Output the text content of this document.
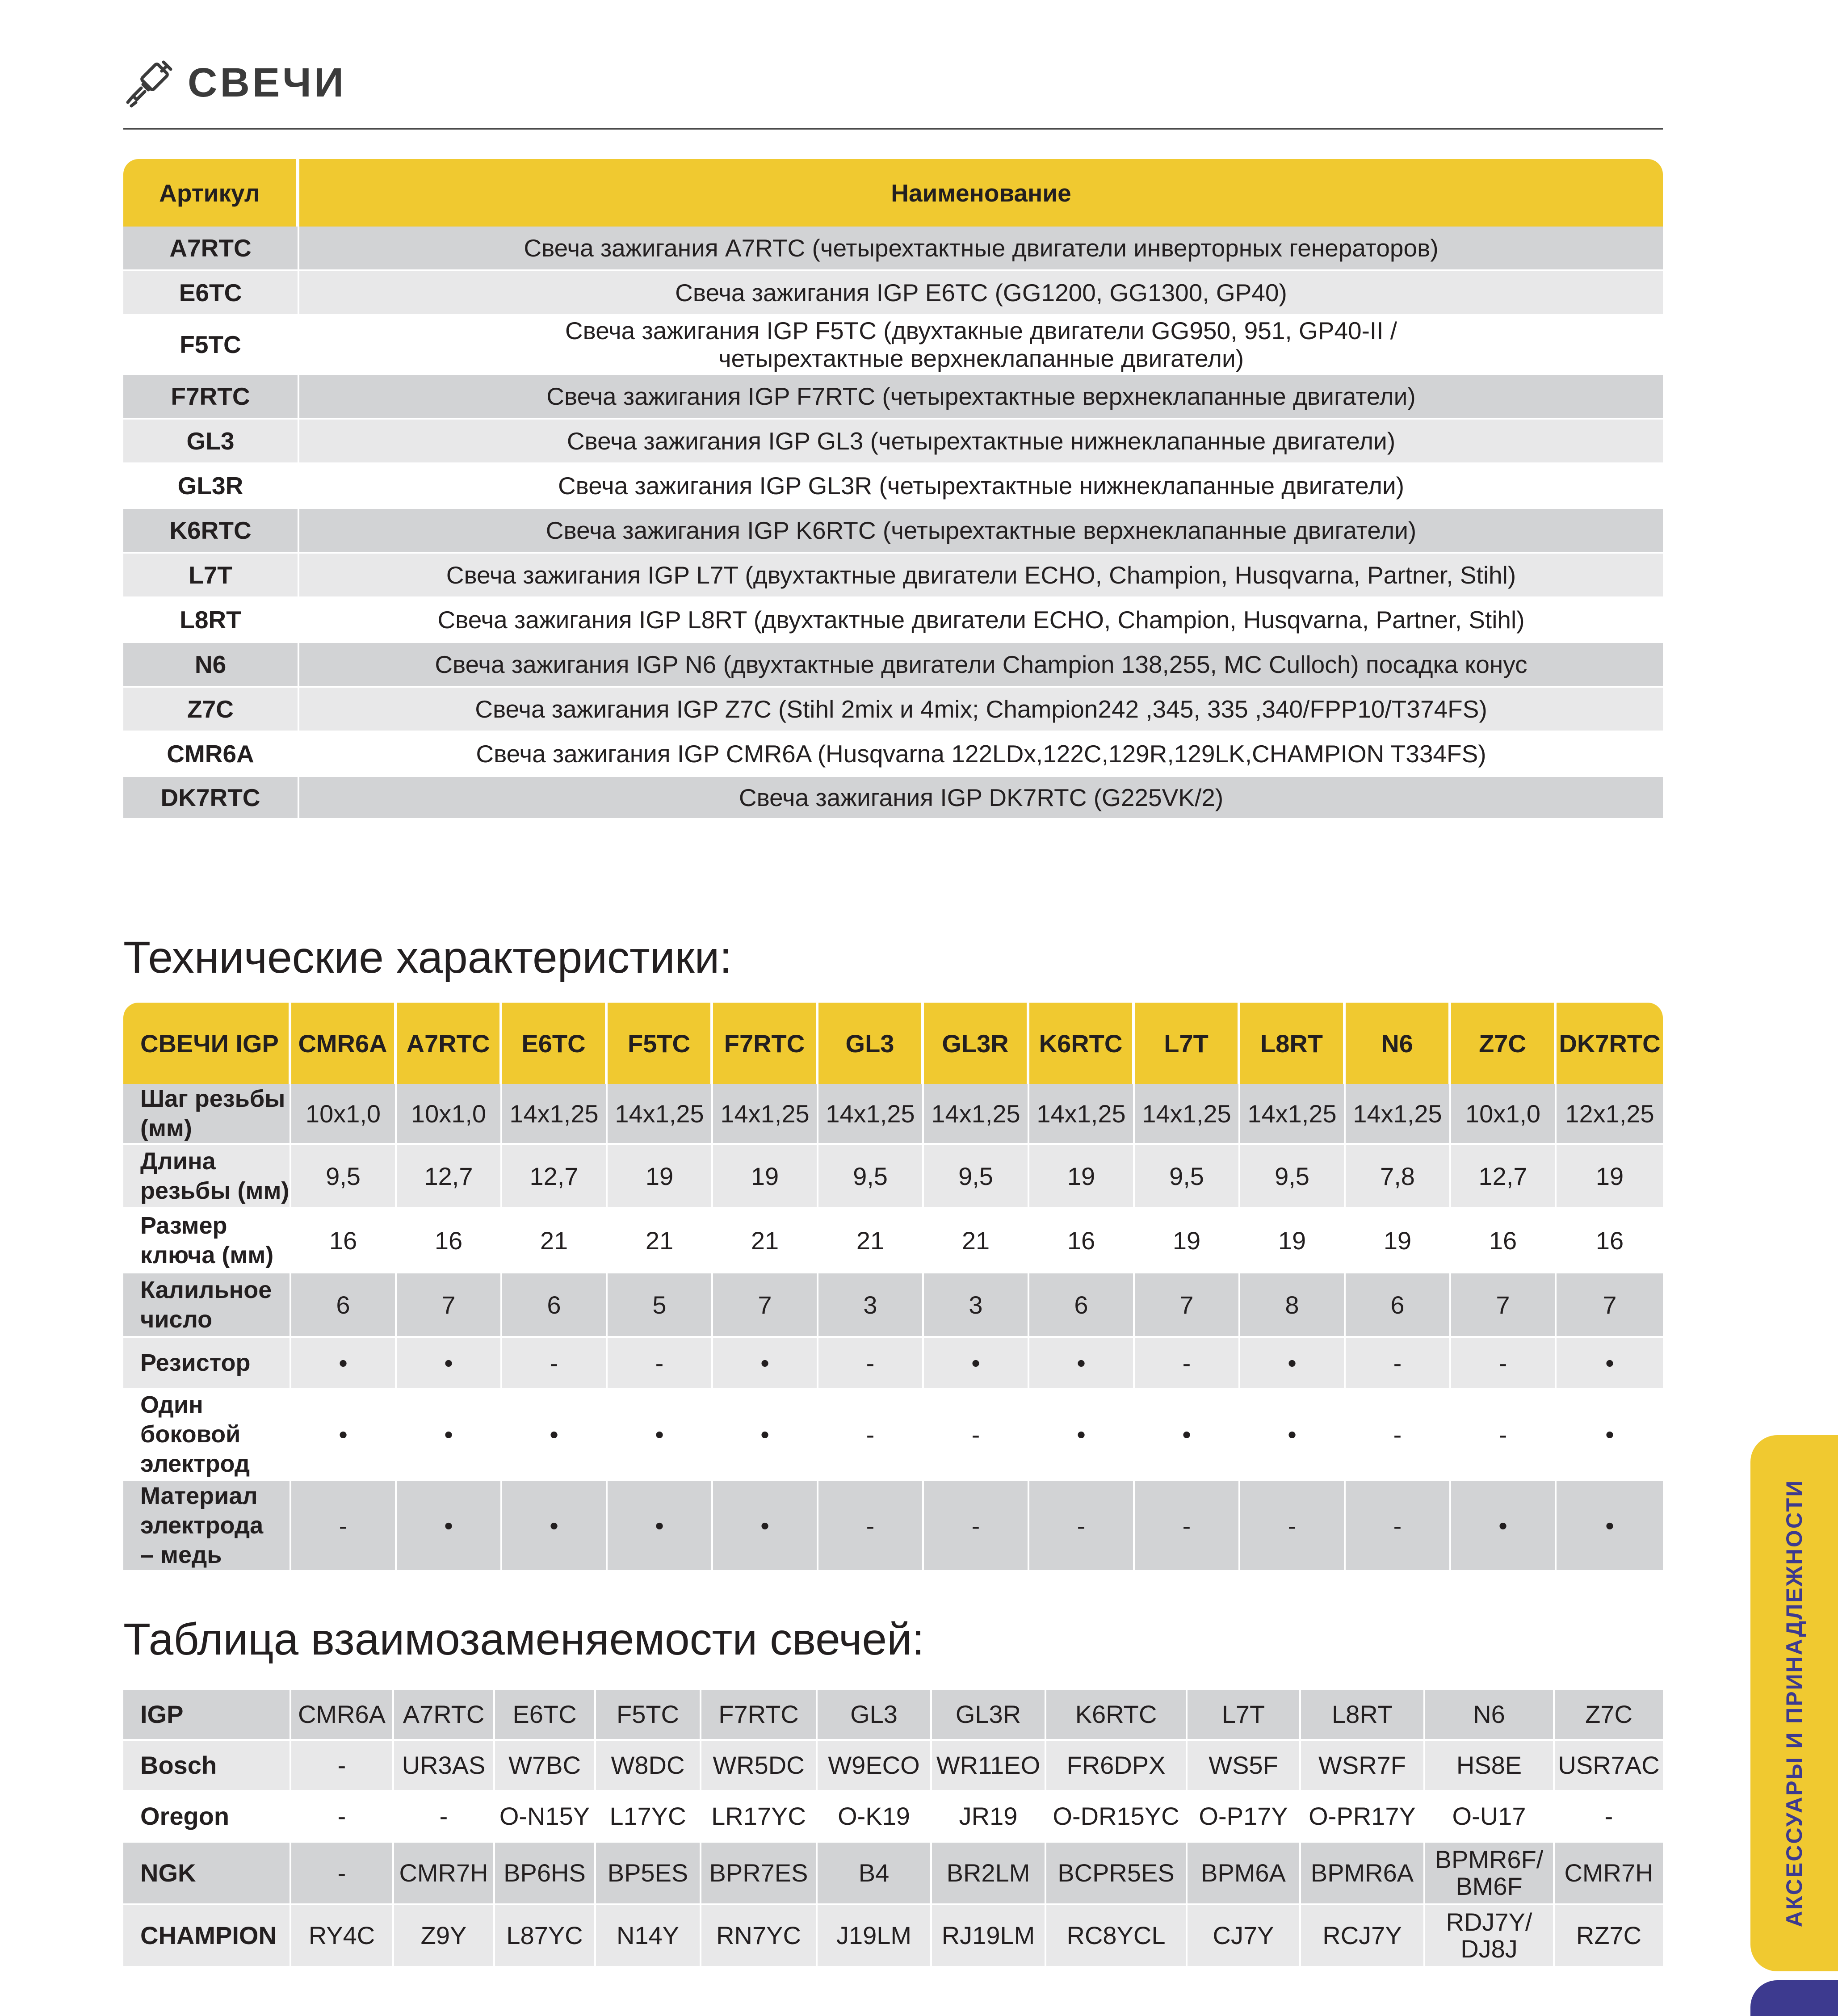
СВЕЧИ
Артикул	Наименование
A7RTC	Свеча зажигания A7RTC (четырехтактные двигатели инверторных генераторов)
E6TC	Свеча зажигания IGP E6TC (GG1200, GG1300, GP40)
F5TC	Свеча зажигания IGP F5TC (двухтакные двигатели GG950, 951, GP40-II /
четырехтактные верхнеклапанные двигатели)
F7RTC	Свеча зажигания IGP F7RTC (четырехтактные верхнеклапанные двигатели)
GL3	Свеча зажигания IGP GL3 (четырехтактные нижнеклапанные двигатели)
GL3R	Свеча зажигания IGP GL3R (четырехтактные нижнеклапанные двигатели)
K6RTC	Свеча зажигания IGP K6RTC (четырехтактные верхнеклапанные двигатели)
L7T	Свеча зажигания IGP L7T (двухтактные двигатели ECHO, Champion, Husqvarna, Partner, Stihl)
L8RT	Свеча зажигания IGP L8RT (двухтактные двигатели ECHO, Champion, Husqvarna, Partner, Stihl)
N6	Свеча зажигания IGP N6 (двухтактные двигатели Champion 138,255, MC Culloch) посадка конус
Z7C	Свеча зажигания IGP Z7C (Stihl 2mix и 4mix; Champion242 ,345, 335 ,340/FPP10/T374FS)
CMR6A	Свеча зажигания IGP CMR6A (Husqvarna 122LDx,122C,129R,129LK,CHAMPION T334FS)
DK7RTC	Свеча зажигания IGP DK7RTC (G225VK/2)
Технические характеристики:
СВЕЧИ IGP	CMR6A	A7RTC	E6TC	F5TC	F7RTC	GL3	GL3R	K6RTC	L7T	L8RT	N6	Z7C	DK7RTC
Шаг резьбы
(мм)	10x1,0	10x1,0	14x1,25	14x1,25	14x1,25	14x1,25	14x1,25	14x1,25	14x1,25	14x1,25	14x1,25	10x1,0	12x1,25
Длина
резьбы (мм)	9,5	12,7	12,7	19	19	9,5	9,5	19	9,5	9,5	7,8	12,7	19
Размер
ключа (мм)	16	16	21	21	21	21	21	16	19	19	19	16	16
Калильное
число	6	7	6	5	7	3	3	6	7	8	6	7	7
Резистор	•	•	-	-	•	-	•	•	-	•	-	-	•
Один
боковой
электрод	•	•	•	•	•	-	-	•	•	•	-	-	•
Материал
электрода
– медь	-	•	•	•	•	-	-	-	-	-	-	•	•
Таблица взаимозаменяемости свечей:
IGP	CMR6A	A7RTC	E6TC	F5TC	F7RTC	GL3	GL3R	K6RTC	L7T	L8RT	N6	Z7C
Bosch	-	UR3AS	W7BC	W8DC	WR5DC	W9ECO	WR11EO	FR6DPX	WS5F	WSR7F	HS8E	USR7AC
Oregon	-	-	O-N15Y	L17YC	LR17YC	O-K19	JR19	O-DR15YC	O-P17Y	O-PR17Y	O-U17	-
NGK	-	CMR7H	BP6HS	BP5ES	BPR7ES	B4	BR2LM	BCPR5ES	BPM6A	BPMR6A	BPMR6F/
BM6F	CMR7H
CHAMPION	RY4C	Z9Y	L87YC	N14Y	RN7YC	J19LM	RJ19LM	RC8YCL	CJ7Y	RCJ7Y	RDJ7Y/
DJ8J	RZ7C
АКСЕССУАРЫ И ПРИНАДЛЕЖНОСТИ
